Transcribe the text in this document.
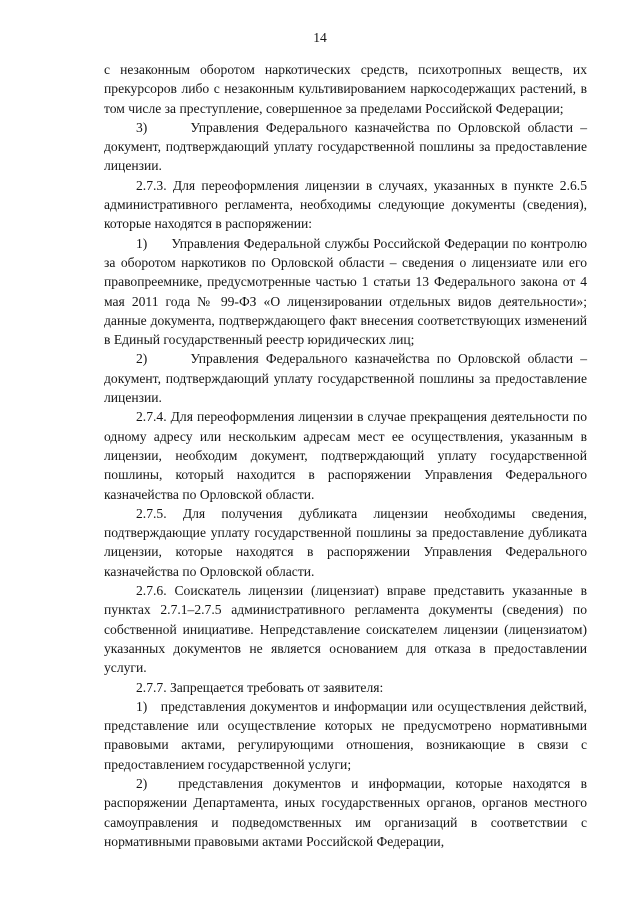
14

с незаконным оборотом наркотических средств, психотропных веществ, их прекурсоров либо с незаконным культивированием наркосодержащих растений, в том числе за преступление, совершенное за пределами Российской Федерации;

3)      Управления Федерального казначейства по Орловской области – документ, подтверждающий уплату государственной пошлины за предоставление лицензии.

2.7.3. Для переоформления лицензии в случаях, указанных в пункте 2.6.5 административного регламента, необходимы следующие документы (сведения), которые находятся в распоряжении:

1)      Управления Федеральной службы Российской Федерации по контролю за оборотом наркотиков по Орловской области – сведения о лицензиате или его правопреемнике, предусмотренные частью 1 статьи 13 Федерального закона от 4 мая 2011 года № 99-ФЗ «О лицензировании отдельных видов деятельности»; данные документа, подтверждающего факт внесения соответствующих изменений в Единый государственный реестр юридических лиц;

2)      Управления Федерального казначейства по Орловской области – документ, подтверждающий уплату государственной пошлины за предоставление лицензии.

2.7.4. Для переоформления лицензии в случае прекращения деятельности по одному адресу или нескольким адресам мест ее осуществления, указанным в лицензии, необходим документ, подтверждающий уплату государственной пошлины, который находится в распоряжении Управления Федерального казначейства по Орловской области.

2.7.5. Для получения дубликата лицензии необходимы сведения, подтверждающие уплату государственной пошлины за предоставление дубликата лицензии, которые находятся в распоряжении Управления Федерального казначейства по Орловской области.

2.7.6. Соискатель лицензии (лицензиат) вправе представить указанные в пунктах 2.7.1–2.7.5 административного регламента документы (сведения) по собственной инициативе. Непредставление соискателем лицензии (лицензиатом) указанных документов не является основанием для отказа в предоставлении услуги.

2.7.7. Запрещается требовать от заявителя:

1)   представления документов и информации или осуществления действий, представление или осуществление которых не предусмотрено нормативными правовыми актами, регулирующими отношения, возникающие в связи с предоставлением государственной услуги;

2)   представления документов и информации, которые находятся в распоряжении Департамента, иных государственных органов, органов местного самоуправления и подведомственных им организаций в соответствии с нормативными правовыми актами Российской Федерации,
